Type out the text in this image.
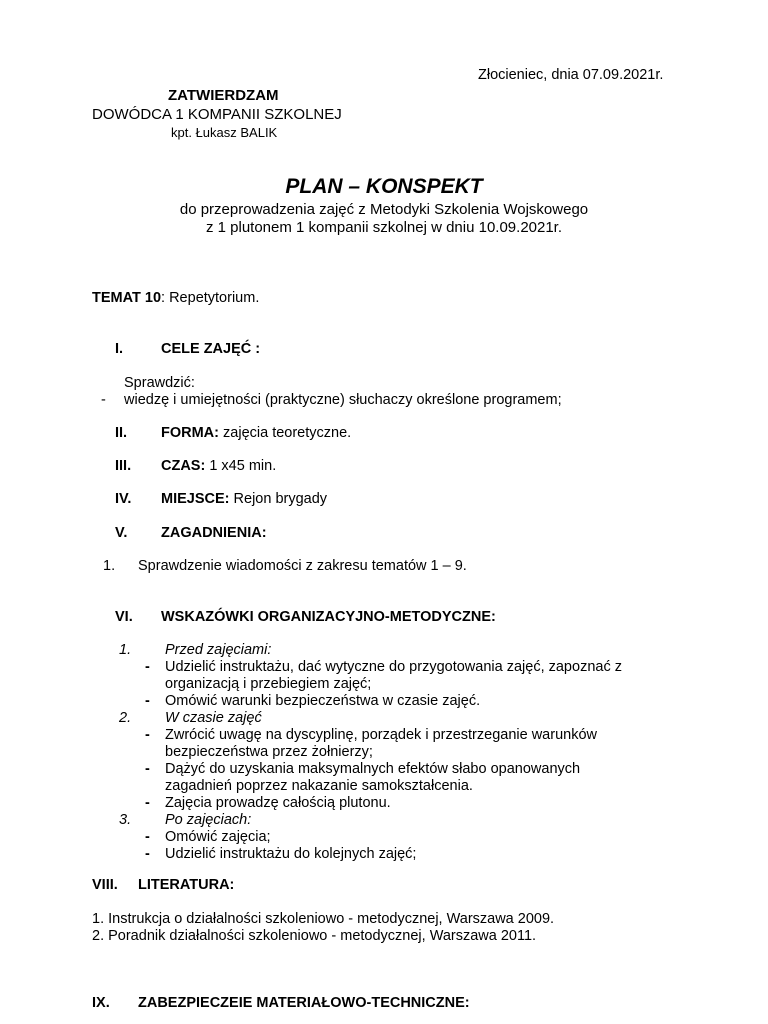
Złocieniec, dnia 07.09.2021r.
ZATWIERDZAM
DOWÓDCA 1 KOMPANII SZKOLNEJ
kpt. Łukasz BALIK
PLAN – KONSPEKT
do przeprowadzenia zajęć z Metodyki Szkolenia Wojskowego
z 1 plutonem 1 kompanii szkolnej w dniu 10.09.2021r.
TEMAT 10: Repetytorium.
I.	CELE ZAJĘĆ :
Sprawdzić:
- wiedzę i umiejętności (praktyczne) słuchaczy określone programem;
II. FORMA: zajęcia teoretyczne.
III. CZAS: 1 x45 min.
IV. MIEJSCE: Rejon brygady
V. ZAGADNIENIA:
1. Sprawdzenie wiadomości z zakresu tematów 1 – 9.
VI. WSKAZÓWKI ORGANIZACYJNO-METODYCZNE:
1. Przed zajęciami:
- Udzielić instruktażu, dać wytyczne do przygotowania zajęć, zapoznać z
organizacją i przebiegiem zajęć;
- Omówić warunki bezpieczeństwa w czasie zajęć.
2. W czasie zajęć
- Zwrócić uwagę na dyscyplinę, porządek i przestrzeganie warunków
bezpieczeństwa przez żołnierzy;
- Dążyć do uzyskania maksymalnych efektów słabo opanowanych
zagadnień poprzez nakazanie samokształcenia.
- Zajęcia prowadzę całością plutonu.
3. Po zajęciach:
- Omówić zajęcia;
- Udzielić instruktażu do kolejnych zajęć;
VIII. LITERATURA:
1. Instrukcja o działalności szkoleniowo - metodycznej, Warszawa 2009.
2. Poradnik działalności szkoleniowo - metodycznej, Warszawa 2011.
IX. ZABEZPIECZEIE MATERIAŁOWO-TECHNICZNE:
